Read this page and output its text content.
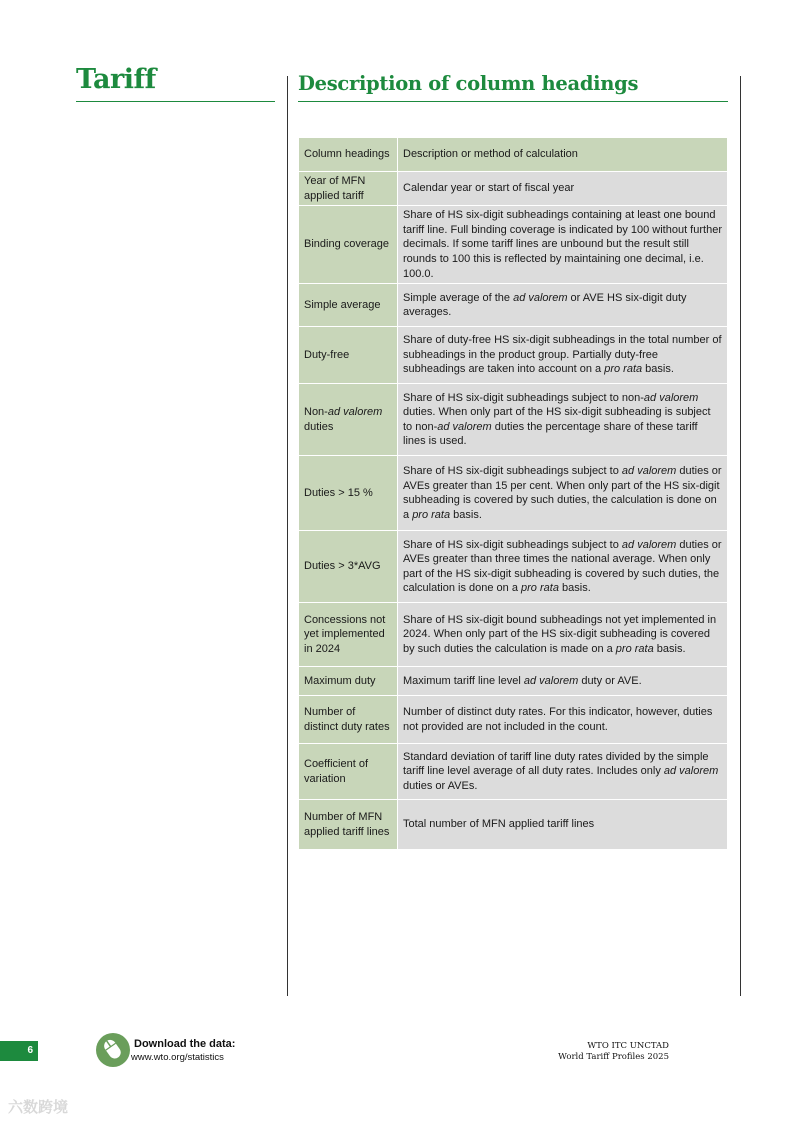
Tariff	Description of column headings
Column headings	Description or method of calculation
Year of MFN applied tariff	Calendar year or start of fiscal year
Binding coverage	Share of HS six-digit subheadings containing at least one bound tariff line. Full binding coverage is indicated by 100 without further decimals. If some tariff lines are unbound but the result still rounds to 100 this is reflected by maintaining one decimal, i.e. 100.0.
Simple average	Simple average of the ad valorem or AVE HS six-digit duty averages.
Duty-free	Share of duty-free HS six-digit subheadings in the total number of subheadings in the product group. Partially duty-free subheadings are taken into account on a pro rata basis.
Non-ad valorem duties	Share of HS six-digit subheadings subject to non-ad valorem duties. When only part of the HS six-digit subheading is subject to non-ad valorem duties the percentage share of these tariff lines is used.
Duties > 15 %	Share of HS six-digit subheadings subject to ad valorem duties or AVEs greater than 15 per cent. When only part of the HS six-digit subheading is covered by such duties, the calculation is done on a pro rata basis.
Duties > 3*AVG	Share of HS six-digit subheadings subject to ad valorem duties or AVEs greater than three times the national average. When only part of the HS six-digit subheading is covered by such duties, the calculation is done on a pro rata basis.
Concessions not yet implemented in 2024	Share of HS six-digit bound subheadings not yet implemented in 2024. When only part of the HS six-digit subheading is covered by such duties the calculation is made on a pro rata basis.
Maximum duty	Maximum tariff line level ad valorem duty or AVE.
Number of distinct duty rates	Number of distinct duty rates. For this indicator, however, duties not provided are not included in the count.
Coefficient of variation	Standard deviation of tariff line duty rates divided by the simple tariff line level average of all duty rates. Includes only ad valorem duties or AVEs.
Number of MFN applied tariff lines	Total number of MFN applied tariff lines
6
Download the data:
www.wto.org/statistics
WTO ITC UNCTAD
World Tariff Profiles 2025
六数跨境
